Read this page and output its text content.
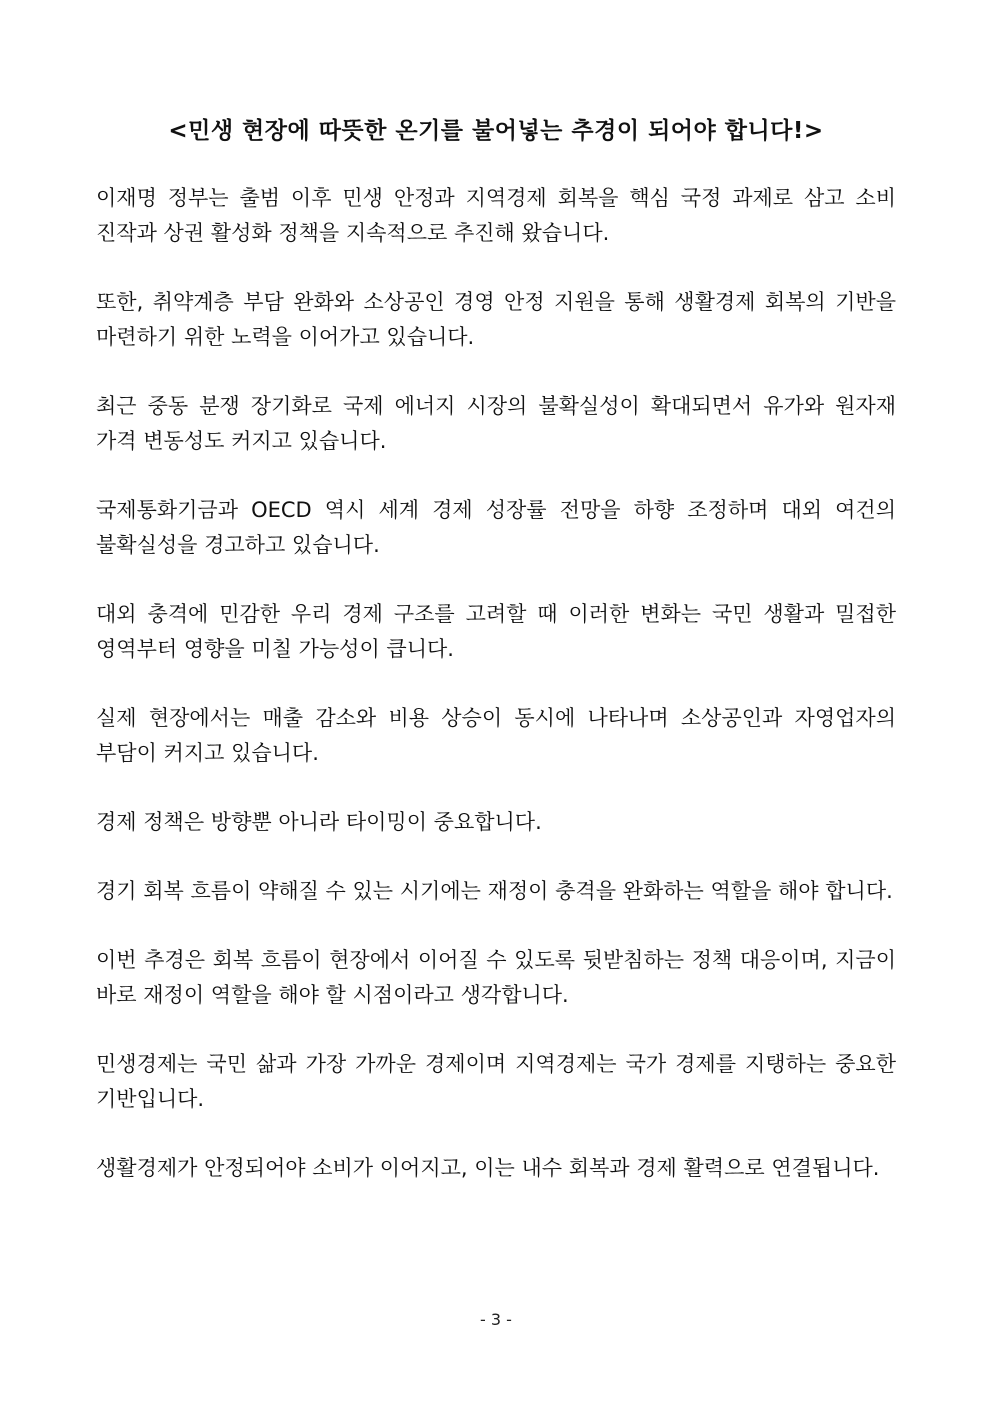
<민생 현장에 따뜻한 온기를 불어넣는 추경이 되어야 합니다!>

이재명 정부는 출범 이후 민생 안정과 지역경제 회복을 핵심 국정 과제로 삼고 소비 진작과 상권 활성화 정책을 지속적으로 추진해 왔습니다.

또한, 취약계층 부담 완화와 소상공인 경영 안정 지원을 통해 생활경제 회복의 기반을 마련하기 위한 노력을 이어가고 있습니다.

최근 중동 분쟁 장기화로 국제 에너지 시장의 불확실성이 확대되면서 유가와 원자재 가격 변동성도 커지고 있습니다.

국제통화기금과 OECD 역시 세계 경제 성장률 전망을 하향 조정하며 대외 여건의 불확실성을 경고하고 있습니다.

대외 충격에 민감한 우리 경제 구조를 고려할 때 이러한 변화는 국민 생활과 밀접한 영역부터 영향을 미칠 가능성이 큽니다.

실제 현장에서는 매출 감소와 비용 상승이 동시에 나타나며 소상공인과 자영업자의 부담이 커지고 있습니다.

경제 정책은 방향뿐 아니라 타이밍이 중요합니다.

경기 회복 흐름이 약해질 수 있는 시기에는 재정이 충격을 완화하는 역할을 해야 합니다.

이번 추경은 회복 흐름이 현장에서 이어질 수 있도록 뒷받침하는 정책 대응이며, 지금이 바로 재정이 역할을 해야 할 시점이라고 생각합니다.

민생경제는 국민 삶과 가장 가까운 경제이며 지역경제는 국가 경제를 지탱하는 중요한 기반입니다.

생활경제가 안정되어야 소비가 이어지고, 이는 내수 회복과 경제 활력으로 연결됩니다.

- 3 -
